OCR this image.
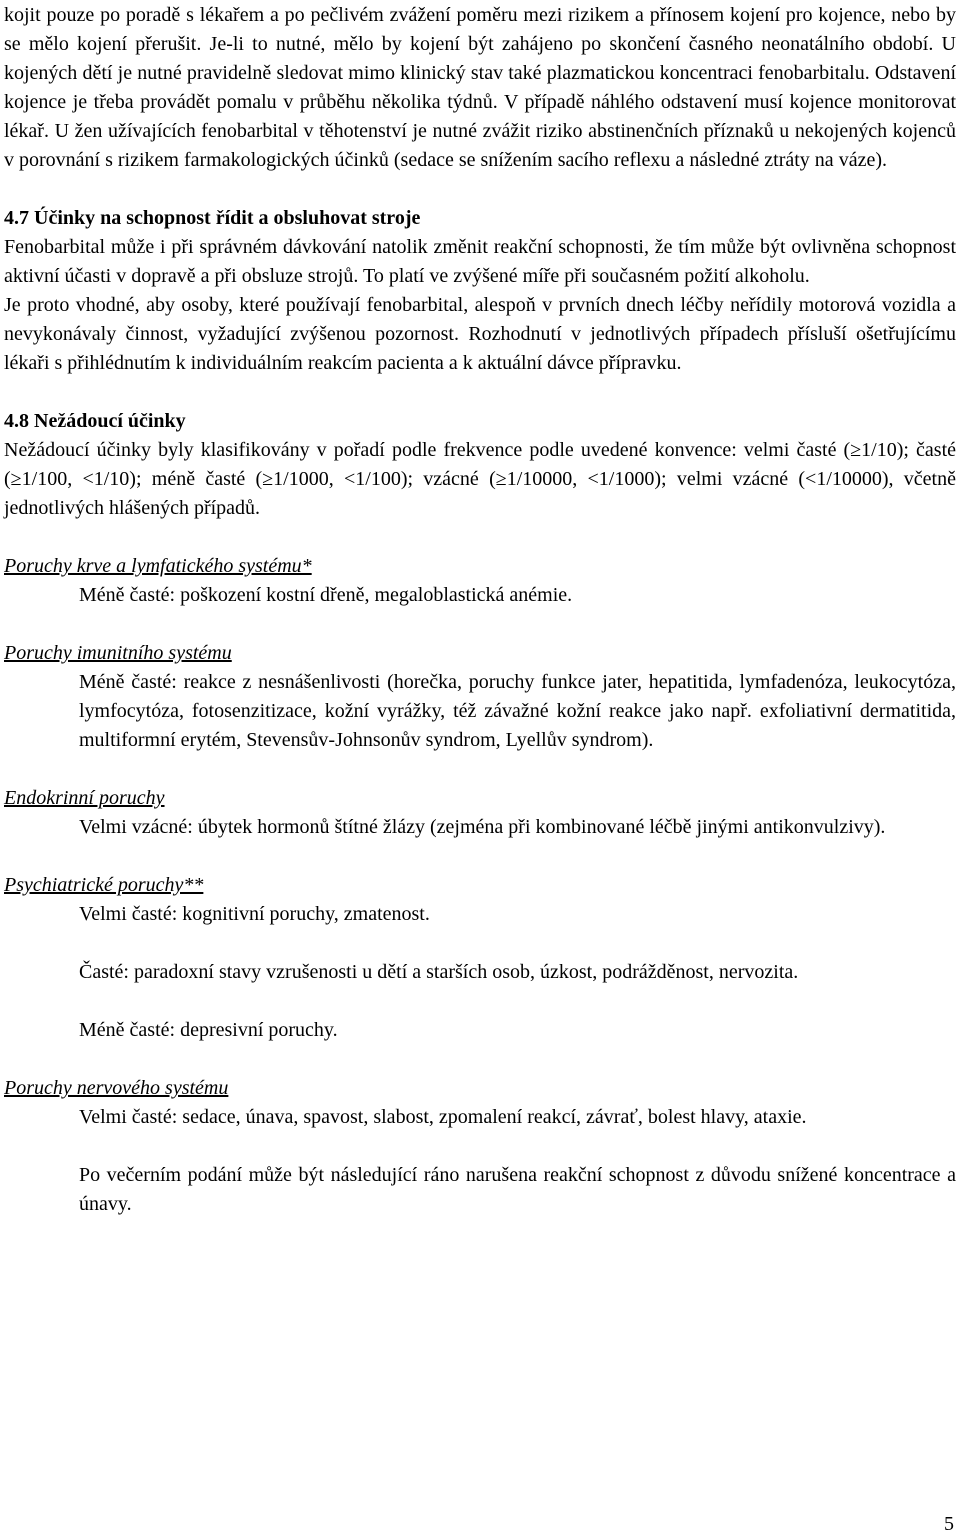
kojit pouze po poradě s lékařem a po pečlivém zvážení poměru mezi rizikem a přínosem kojení pro kojence, nebo by se mělo kojení přerušit. Je-li to nutné, mělo by kojení být zahájeno po skončení časného neonatálního období. U kojených dětí je nutné pravidelně sledovat mimo klinický stav také plazmatickou koncentraci fenobarbitalu. Odstavení kojence je třeba provádět pomalu v průběhu několika týdnů. V případě náhlého odstavení musí kojence monitorovat lékař. U žen užívajících fenobarbital v těhotenství je nutné zvážit riziko abstinenčních příznaků u nekojených kojenců v porovnání s rizikem farmakologických účinků (sedace se snížením sacího reflexu a následné ztráty na váze).

4.7 Účinky na schopnost řídit a obsluhovat stroje

Fenobarbital může i při správném dávkování natolik změnit reakční schopnosti, že tím může být ovlivněna schopnost aktivní účasti v dopravě a při obsluze strojů. To platí ve zvýšené míře při současném požití alkoholu.

Je proto vhodné, aby osoby, které používají fenobarbital, alespoň v prvních dnech léčby neřídily motorová vozidla a nevykonávaly činnost, vyžadující zvýšenou pozornost. Rozhodnutí v jednotlivých případech přísluší ošetřujícímu lékaři s přihlédnutím k individuálním reakcím pacienta a k aktuální dávce přípravku.

4.8 Nežádoucí účinky

Nežádoucí účinky byly klasifikovány v pořadí podle frekvence podle uvedené konvence: velmi časté (≥1/10); časté (≥1/100, <1/10); méně časté (≥1/1000, <1/100); vzácné (≥1/10000, <1/1000); velmi vzácné (<1/10000), včetně jednotlivých hlášených případů.

Poruchy krve a lymfatického systému*

Méně časté: poškození kostní dřeně, megaloblastická anémie.

Poruchy imunitního systému

Méně časté: reakce z nesnášenlivosti (horečka, poruchy funkce jater, hepatitida, lymfadenóza, leukocytóza, lymfocytóza, fotosenzitizace, kožní vyrážky, též závažné kožní reakce jako např. exfoliativní dermatitida, multiformní erytém, Stevensův-Johnsonův syndrom, Lyellův syndrom).

Endokrinní poruchy

Velmi vzácné: úbytek hormonů štítné žlázy (zejména při kombinované léčbě jinými antikonvulzivy).

Psychiatrické poruchy**

Velmi časté: kognitivní poruchy, zmatenost.

Časté: paradoxní stavy vzrušenosti u dětí a starších osob, úzkost, podrážděnost, nervozita.

Méně časté: depresivní poruchy.

Poruchy nervového systému

Velmi časté: sedace, únava, spavost, slabost, zpomalení reakcí, závrať, bolest hlavy, ataxie.

Po večerním podání může být následující ráno narušena reakční schopnost z důvodu snížené koncentrace a únavy.

5
